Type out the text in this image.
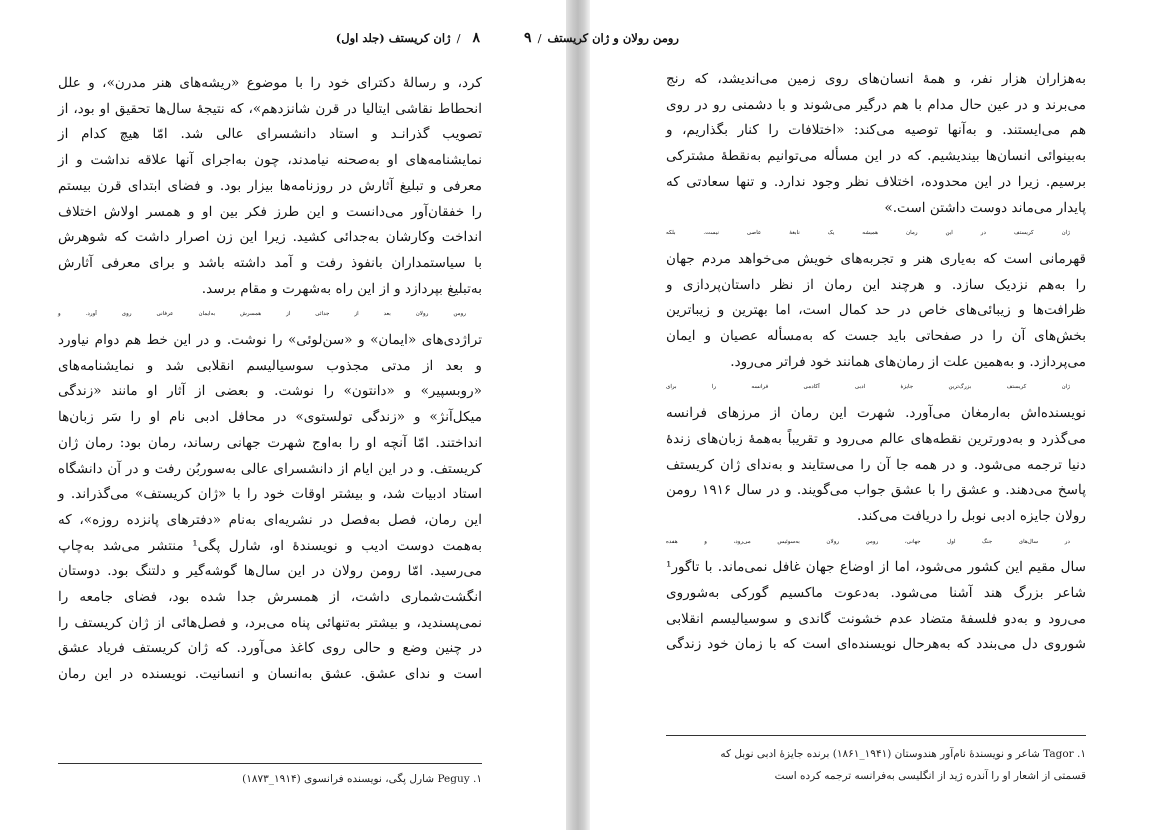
۸/ژان کریستف (جلد اول)
کرد، و رسالهٔ دکترای خود را با موضوع «ریشه‌های هنر مدرن»، و علل
انحطاط نقاشی ایتالیا در قرن شانزدهم»، که نتیجهٔ سال‌ها تحقیق او بود، از
تصویب گذرانـد و استاد دانشسرای عالی شد. امّا هیچ کدام از
نمایشنامه‌های او به‌صحنه نیامدند، چون به‌اجرای آنها علاقه نداشت و از
معرفی و تبلیغ آثارش در روزنامه‌ها بیزار بود. و فضای ابتدای قرن بیستم
را خفقان‌آور می‌دانست و این طرز فکر بین او و همسر اولاش اختلاف
انداخت وکارشان به‌جدائی کشید. زیرا این زن اصرار داشت که شوهرش
با سیاستمداران بانفوذ رفت و آمد داشته باشد و برای معرفی آثارش
به‌تبلیغ بپردازد و از این راه به‌شهرت و مقام برسد.
رومن رولان بعد از جدائی از همسرش به‌ایمان عرفانی روی آورد. و
تراژدی‌های «ایمان» و «سن‌لوئی» را نوشت. و در این خط هم دوام نیاورد
و بعد از مدتی مجذوب سوسیالیسم انقلابی شد و نمایشنامه‌های
«روبسپیر» و «دانتون» را نوشت. و بعضی از آثار او مانند «زندگی
میکل‌آنژ» و «زندگی تولستوی» در محافل ادبی نام او را سَر زبان‌ها
انداختند. امّا آنچه او را به‌اوج شهرت جهانی رساند، رمان بود: رمان ژان
کریستف. و در این ایام از دانشسرای عالی به‌سوربُن رفت و در آن دانشگاه
استاد ادبیات شد، و بیشتر اوقات خود را با «ژان کریستف» می‌گذراند. و
این رمان، فصل به‌فصل در نشریه‌ای به‌نام «دفترهای پانزده روزه»، که
به‌همت دوست ادیب و نویسندهٔ او، شارل پگی¹ منتشر می‌شد به‌چاپ
می‌رسید. امّا رومن رولان در این سال‌ها گوشه‌گیر و دلتنگ بود. دوستان
انگشت‌شماری داشت، از همسرش جدا شده بود، فضای جامعه را
نمی‌پسندید، و بیشتر به‌تنهائی پناه می‌برد، و فصل‌هائی از ژان کریستف را
در چنین وضع و حالی روی کاغذ می‌آورد. که ژان کریستف فریاد عشق
است و ندای عشق. عشق به‌انسان و انسانیت. نویسنده در این رمان
۱. Peguy شارل پگی، نویسنده فرانسوی (۱۹۱۴_۱۸۷۳)
رومن رولان و ژان کریستف/۹
به‌هزاران هزار نفر، و همهٔ انسان‌های روی زمین می‌اندیشد، که رنج
می‌برند و در عین حال مدام با هم درگیر می‌شوند و با دشمنی رو در روی
هم می‌ایستند. و به‌آنها توصیه می‌کند: «اختلافات را کنار بگذاریم، و
به‌بینوائی انسان‌ها بیندیشیم. که در این مسأله می‌توانیم به‌نقطهٔ مشترکی
برسیم. زیرا در این محدوده، اختلاف نظر وجود ندارد. و تنها سعادتی که
پایدار می‌ماند دوست داشتن است.»
ژان کریستف در این رمان همیشه یک نابغهٔ عاصی نیست. بلکه
قهرمانی است که به‌یاری هنر و تجربه‌های خویش می‌خواهد مردم جهان
را به‌هم نزدیک سازد. و هرچند این رمان از نظر داستان‌پردازی و
ظرافت‌ها و زیبائی‌های خاص در حد کمال است، اما بهترین و زیباترین
بخش‌های آن را در صفحاتی باید جست که به‌مسأله عصیان و ایمان
می‌پردازد. و به‌همین علت از رمان‌های همانند خود فراتر می‌رود.
ژان کریستف بزرگ‌ترین جایزهٔ ادبی آکادمی فرانسه را برای
نویسنده‌اش به‌ارمغان می‌آورد. شهرت این رمان از مرزهای فرانسه
می‌گذرد و به‌دورترین نقطه‌های عالم می‌رود و تقریباً به‌همهٔ زبان‌های زندهٔ
دنیا ترجمه می‌شود. و در همه جا آن را می‌ستایند و به‌ندای ژان کریستف
پاسخ می‌دهند. و عشق را با عشق جواب می‌گویند. و در سال ۱۹۱۶ رومن
رولان جایزه ادبی نوبل را دریافت می‌کند.
در سال‌های جنگ اول جهانی، رومن رولان به‌سوئیس می‌رود، و هفده
سال مقیم این کشور می‌شود، اما از اوضاع جهان غافل نمی‌ماند. با تاگور¹
شاعر بزرگ هند آشنا می‌شود. به‌دعوت ماکسیم گورکی به‌شوروی
می‌رود و به‌دو فلسفهٔ متضاد عدم خشونت گاندی و سوسیالیسم انقلابی
شوروی دل می‌بندد که به‌هرحال نویسنده‌ای است که با زمان خود زندگی
۱. Tagor شاعر و نویسندهٔ نام‌آور هندوستان (۱۹۴۱_۱۸۶۱) برنده جایزهٔ ادبی نوبل که
قسمتی از اشعار او را آندره ژید از انگلیسی به‌فرانسه ترجمه کرده است
